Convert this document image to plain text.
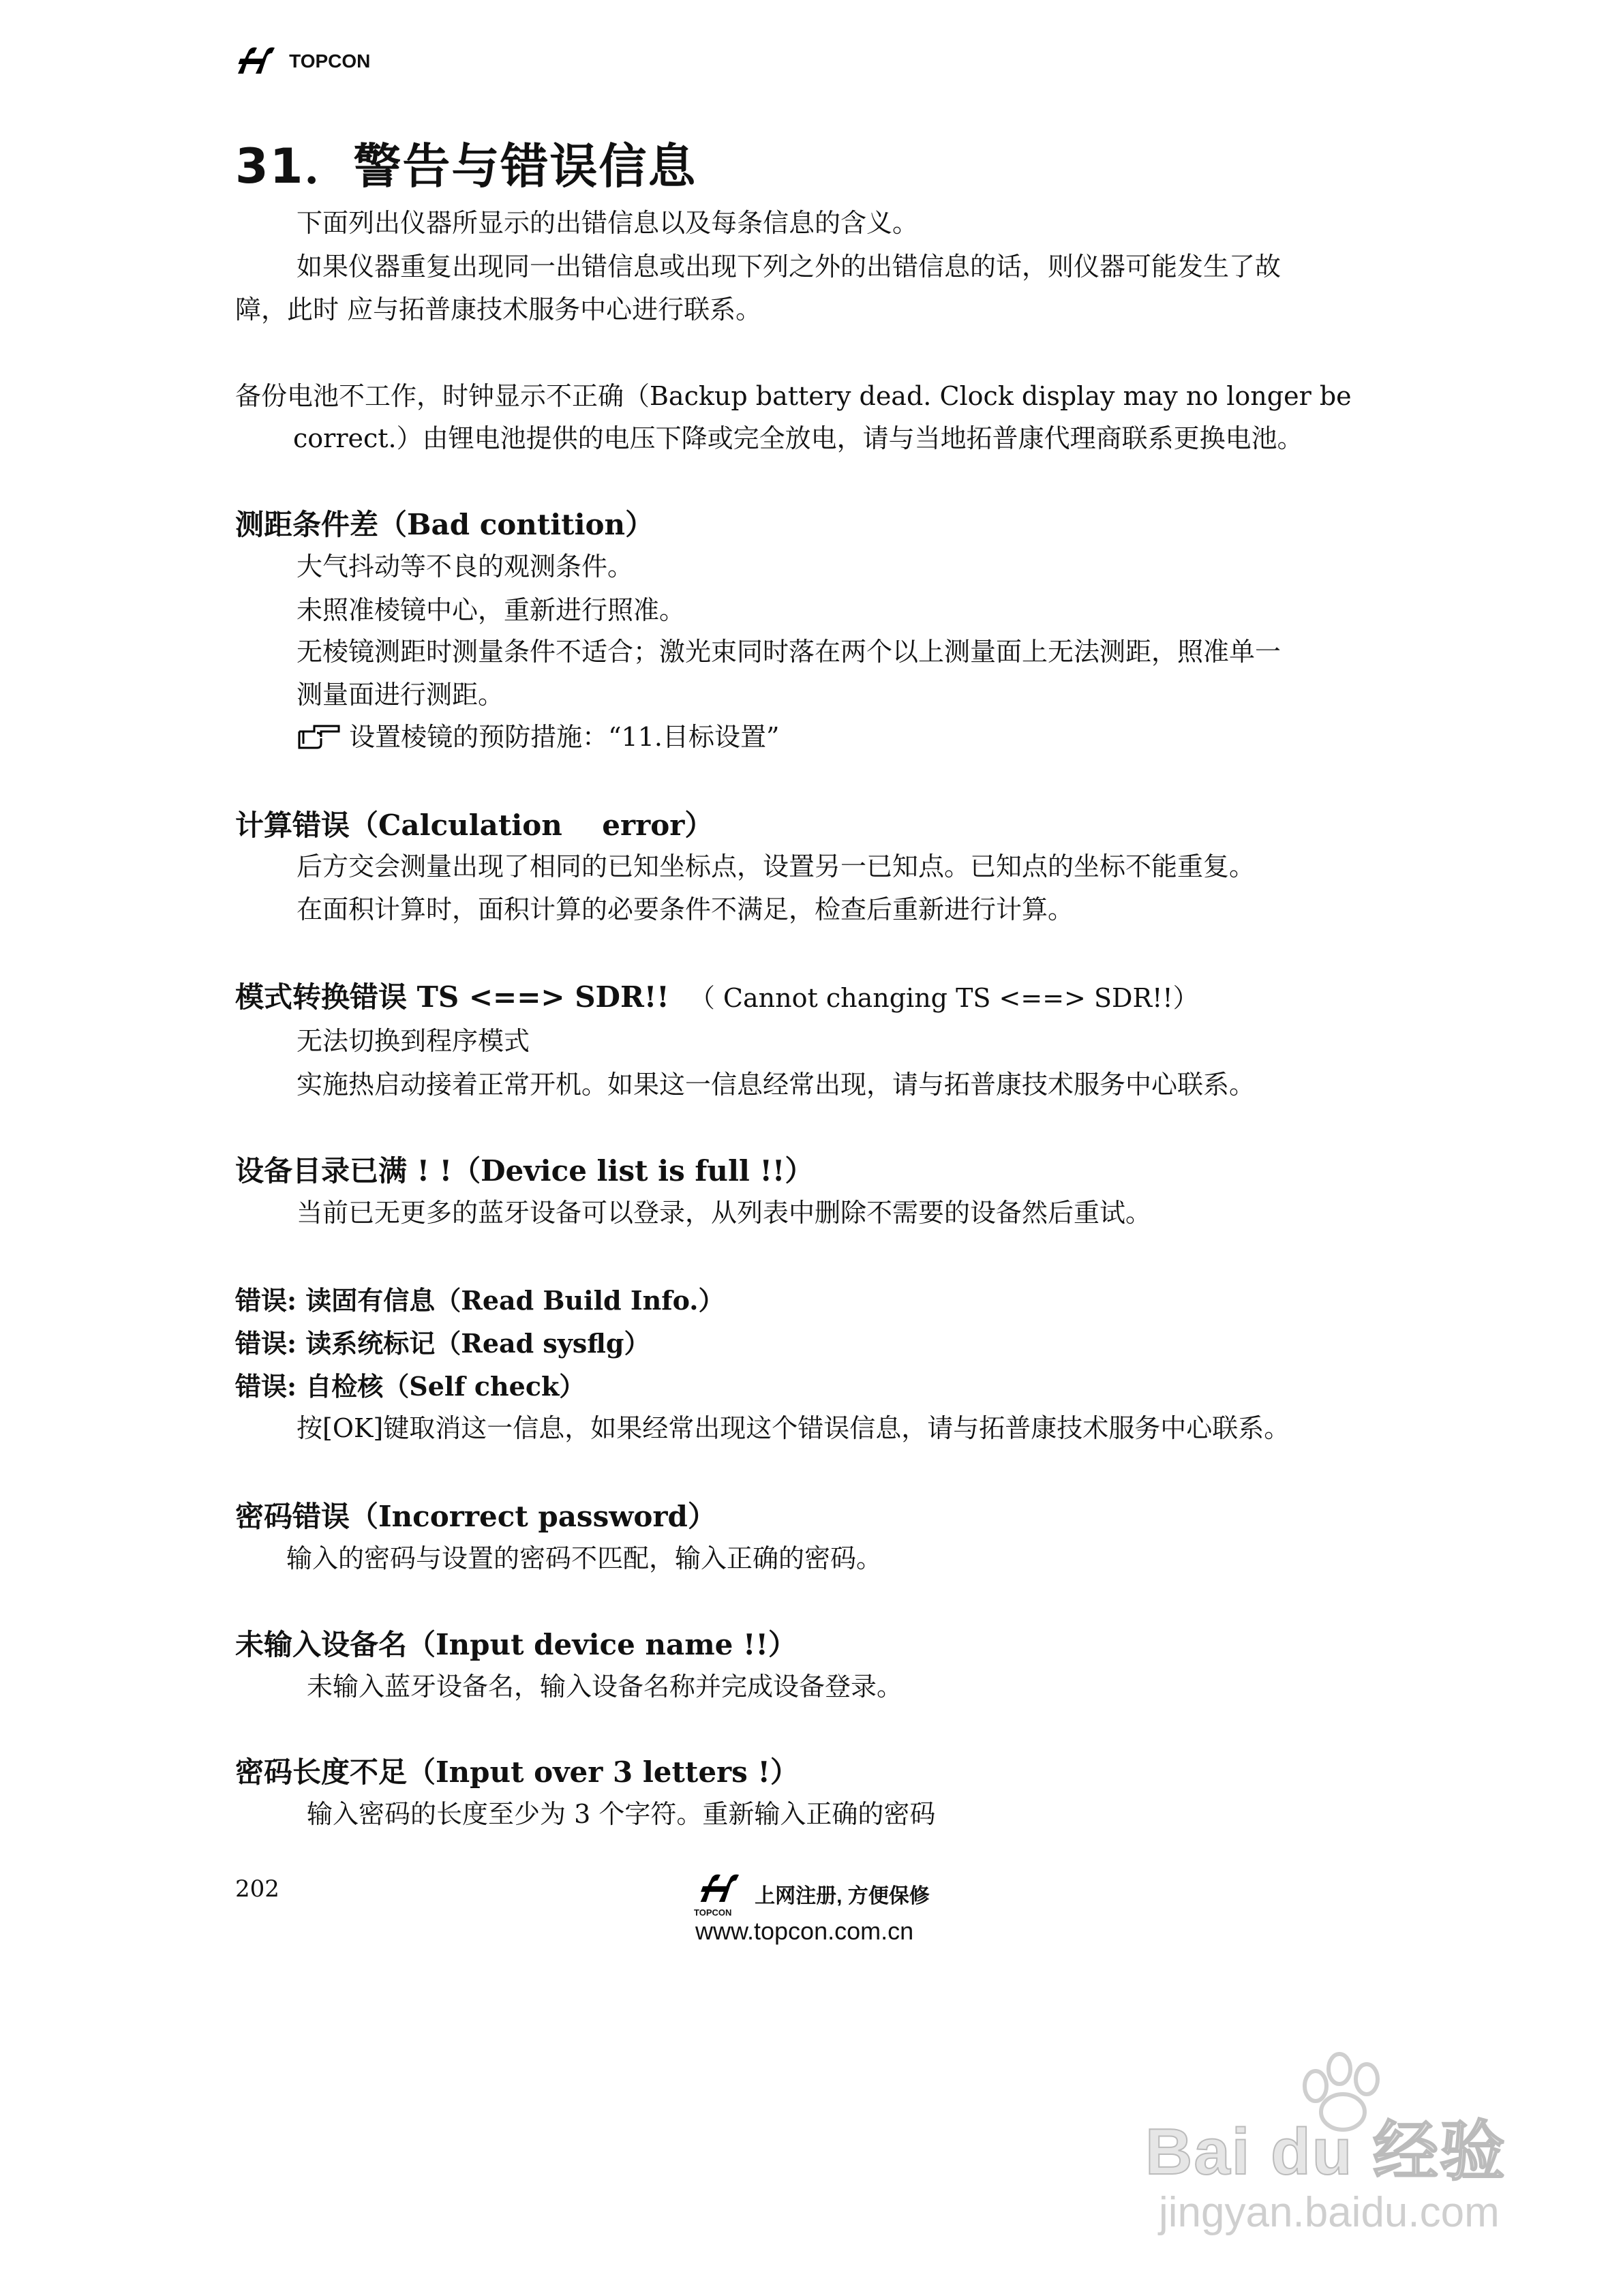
TOPCON
31．警告与错误信息
下面列出仪器所显示的出错信息以及每条信息的含义。
如果仪器重复出现同一出错信息或出现下列之外的出错信息的话，则仪器可能发生了故
障，此时 应与拓普康技术服务中心进行联系。
备份电池不工作，时钟显示不正确（Backup battery dead. Clock display may no longer be
correct.）由锂电池提供的电压下降或完全放电，请与当地拓普康代理商联系更换电池。
测距条件差（Bad contition）
大气抖动等不良的观测条件。
未照准棱镜中心，重新进行照准。
无棱镜测距时测量条件不适合；激光束同时落在两个以上测量面上无法测距，照准单一
测量面进行测距。
设置棱镜的预防措施：“11.目标设置”
计算错误（Calculation    error）
后方交会测量出现了相同的已知坐标点，设置另一已知点。已知点的坐标不能重复。
在面积计算时，面积计算的必要条件不满足，检查后重新进行计算。
模式转换错误 TS <==> SDR!! （ Cannot changing TS <==> SDR!!）
无法切换到程序模式
实施热启动接着正常开机。如果这一信息经常出现，请与拓普康技术服务中心联系。
设备目录已满 ! !（Device list is full !!）
当前已无更多的蓝牙设备可以登录，从列表中删除不需要的设备然后重试。
错误: 读固有信息（Read Build Info.）
错误: 读系统标记（Read sysflg）
错误: 自检核（Self check）
按[OK]键取消这一信息，如果经常出现这个错误信息，请与拓普康技术服务中心联系。
密码错误（Incorrect password）
输入的密码与设置的密码不匹配，输入正确的密码。
未输入设备名（Input device name !!）
未输入蓝牙设备名，输入设备名称并完成设备登录。
密码长度不足（Input over 3 letters !）
输入密码的长度至少为 3 个字符。重新输入正确的密码
202	上网注册, 方便保修
TOPCON
www.topcon.com.cn
Bai du 经验
jingyan.baidu.com
